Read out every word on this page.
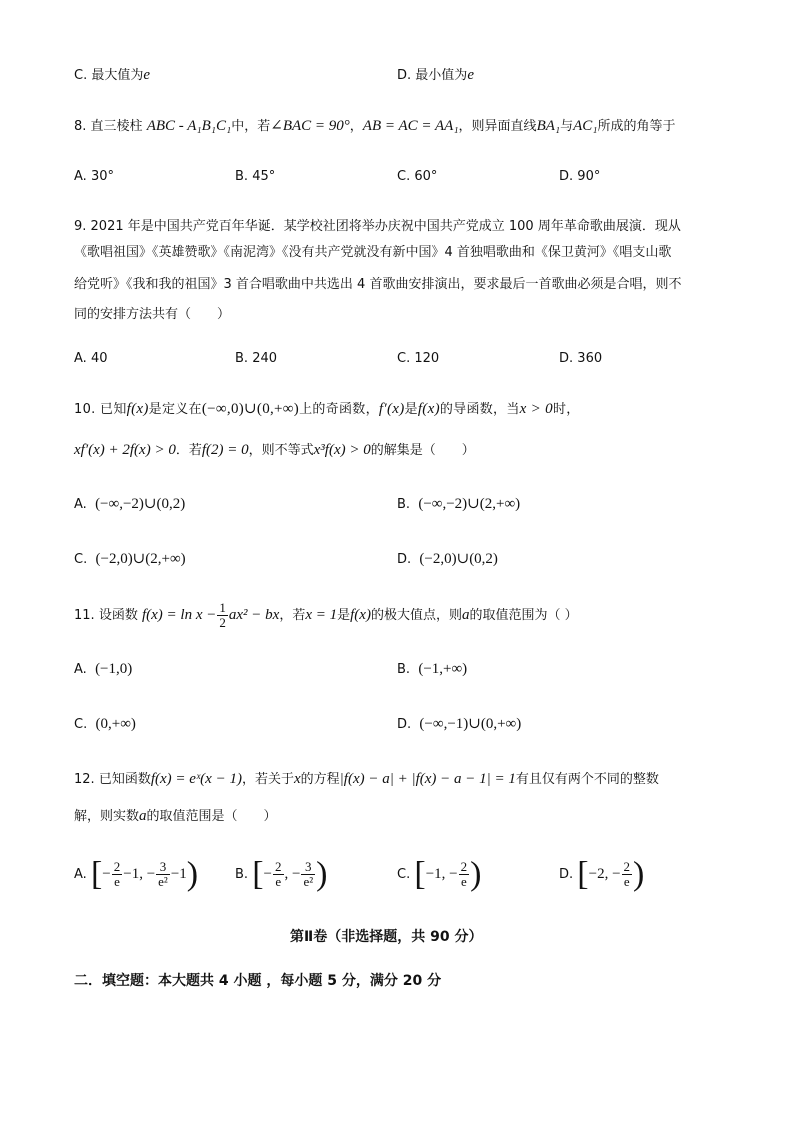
C. 最大值为e	D. 最小值为e
8. 直三棱柱 ABC - A₁B₁C₁中，若∠BAC = 90°，AB = AC = AA₁，则异面直线BA₁与AC₁所成的角等于
A. 30°	B. 45°	C. 60°	D. 90°
9. 2021 年是中国共产党百年华诞．某学校社团将举办庆祝中国共产党成立 100 周年革命歌曲展演．现从
《歌唱祖国》《英雄赞歌》《南泥湾》《没有共产党就没有新中国》4 首独唱歌曲和《保卫黄河》《唱支山歌
给党听》《我和我的祖国》3 首合唱歌曲中共选出 4 首歌曲安排演出，要求最后一首歌曲必须是合唱，则不
同的安排方法共有（　　）
A. 40	B. 240	C. 120	D. 360
10. 已知f(x)是定义在(−∞,0)∪(0,+∞)上的奇函数，f′(x)是f(x)的导函数，当x > 0时，
xf′(x) + 2f(x) > 0．若f(2) = 0，则不等式x³f(x) > 0的解集是（　　）
A. (−∞,−2)∪(0,2)	B. (−∞,−2)∪(2,+∞)
C. (−2,0)∪(2,+∞)	D. (−2,0)∪(0,2)
11. 设函数 $f(x) = \ln x - \frac{1}{2} ax^2$ − bx，若x = 1是f(x)的极大值点，则a的取值范围为（ ）
A. (−1,0)	B. (−1,+∞)
C. (0,+∞)	D. (−∞,−1)∪(0,+∞)
12. 已知函数f(x) = eˣ(x − 1)，若关于x的方程|f(x) − a| + |f(x) − a − 1| = 1有且仅有两个不同的整数
解，则实数a的取值范围是（　　）
A. [− $\frac{2}{e} -1$, − $\frac{3}{\text{e²}} -1$)	B. [− $\frac{2}{e}$ , − $\frac{3}{\text{e²}}$ )	C. [−1, − $\frac{2}{e}$ )	D. [−2, − $\frac{2}{e}$ )
第Ⅱ卷（非选择题，共 90 分）
二．填空题：本大题共 4 小题 ，每小题 5 分，满分 20 分
